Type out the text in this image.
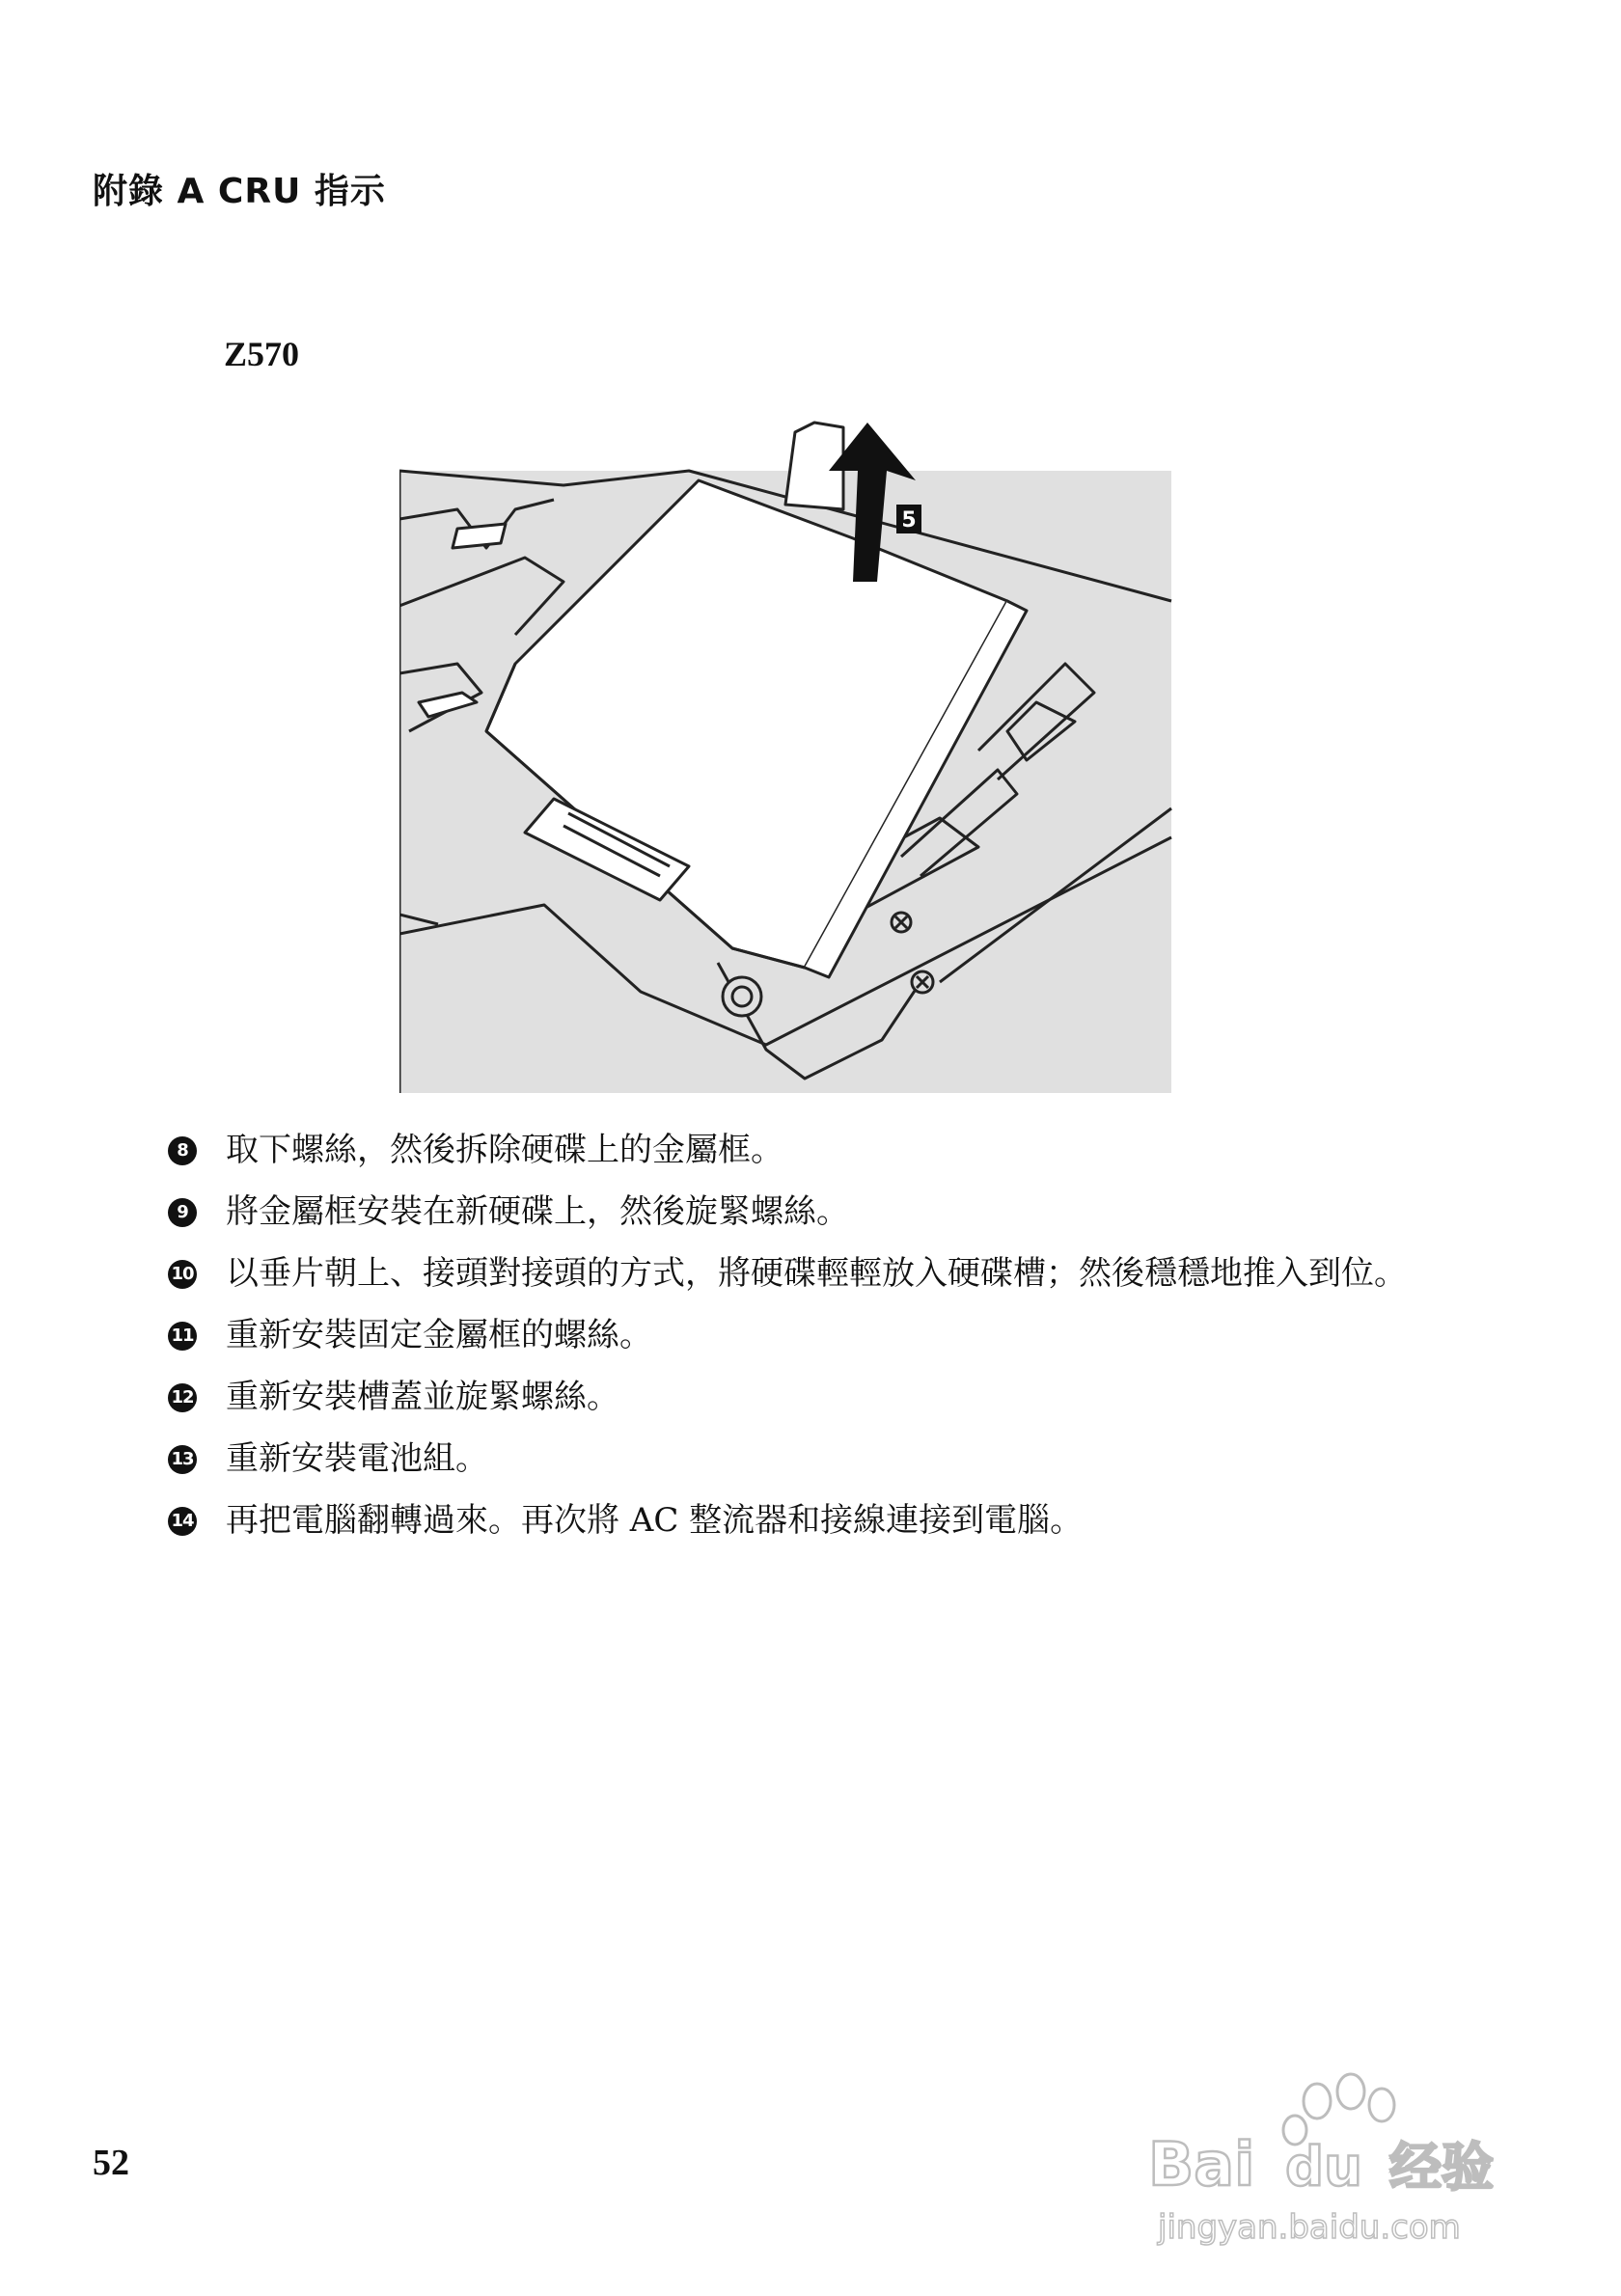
附錄 A CRU 指示
Z570
5
8 取下螺絲，然後拆除硬碟上的金屬框。
9 將金屬框安裝在新硬碟上，然後旋緊螺絲。
10 以垂片朝上、接頭對接頭的方式，將硬碟輕輕放入硬碟槽；然後穩穩地推入到位。
11 重新安裝固定金屬框的螺絲。
12 重新安裝槽蓋並旋緊螺絲。
13 重新安裝電池組。
14 再把電腦翻轉過來。再次將 AC 整流器和接線連接到電腦。
52	Bai du 经验
jingyan.baidu.com
